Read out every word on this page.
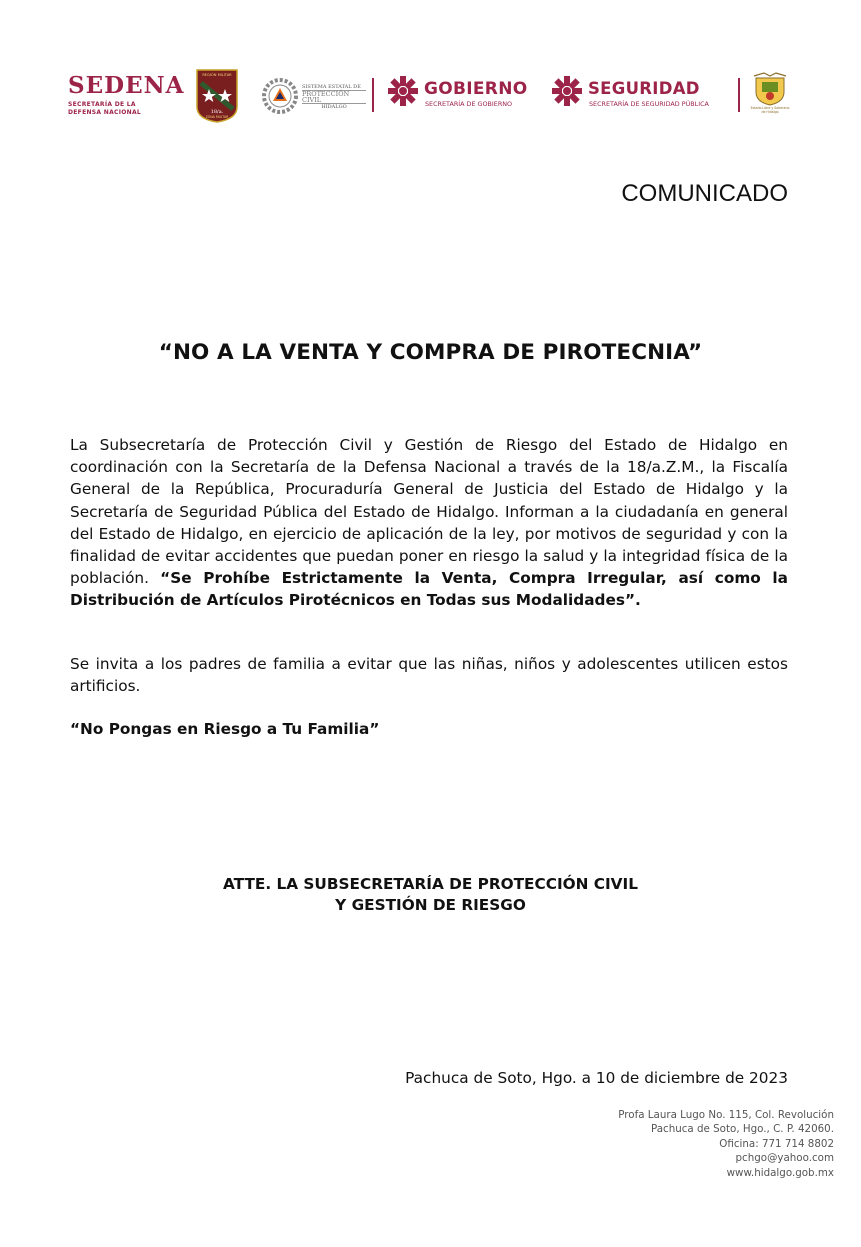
SEDENA
SECRETARÍA DE LA
DEFENSA NACIONAL
REGIÓN MILITAR
18/a.
ZONA MILITAR
SISTEMA ESTATAL DE
PROTECCIÓN CIVIL
HIDALGO
GOBIERNO
SECRETARÍA DE GOBIERNO
SEGURIDAD
SECRETARÍA DE SEGURIDAD PÚBLICA	Estado Libre y Soberano de Hidalgo
COMUNICADO
“NO A LA VENTA Y COMPRA DE PIROTECNIA”

La Subsecretaría de Protección Civil y Gestión de Riesgo del Estado de Hidalgo en coordinación con la Secretaría de la Defensa Nacional a través de la 18/a.Z.M., la Fiscalía General de la República, Procuraduría General de Justicia del Estado de Hidalgo y la Secretaría de Seguridad Pública del Estado de Hidalgo. Informan a la ciudadanía en general del Estado de Hidalgo, en ejercicio de aplicación de la ley, por motivos de seguridad y con la finalidad de evitar accidentes que puedan poner en riesgo la salud y la integridad física de la población. “Se Prohíbe Estrictamente la Venta, Compra Irregular, así como la Distribución de Artículos Pirotécnicos en Todas sus Modalidades”.

Se invita a los padres de familia a evitar que las niñas, niños y adolescentes utilicen estos artificios.

“No Pongas en Riesgo a Tu Familia”
ATTE. LA SUBSECRETARÍA DE PROTECCIÓN CIVIL
Y GESTIÓN DE RIESGO
Pachuca de Soto, Hgo. a 10 de diciembre de 2023
Profa Laura Lugo No. 115, Col. Revolución
Pachuca de Soto, Hgo., C. P. 42060.
Oficina: 771 714 8802
pchgo@yahoo.com
www.hidalgo.gob.mx
